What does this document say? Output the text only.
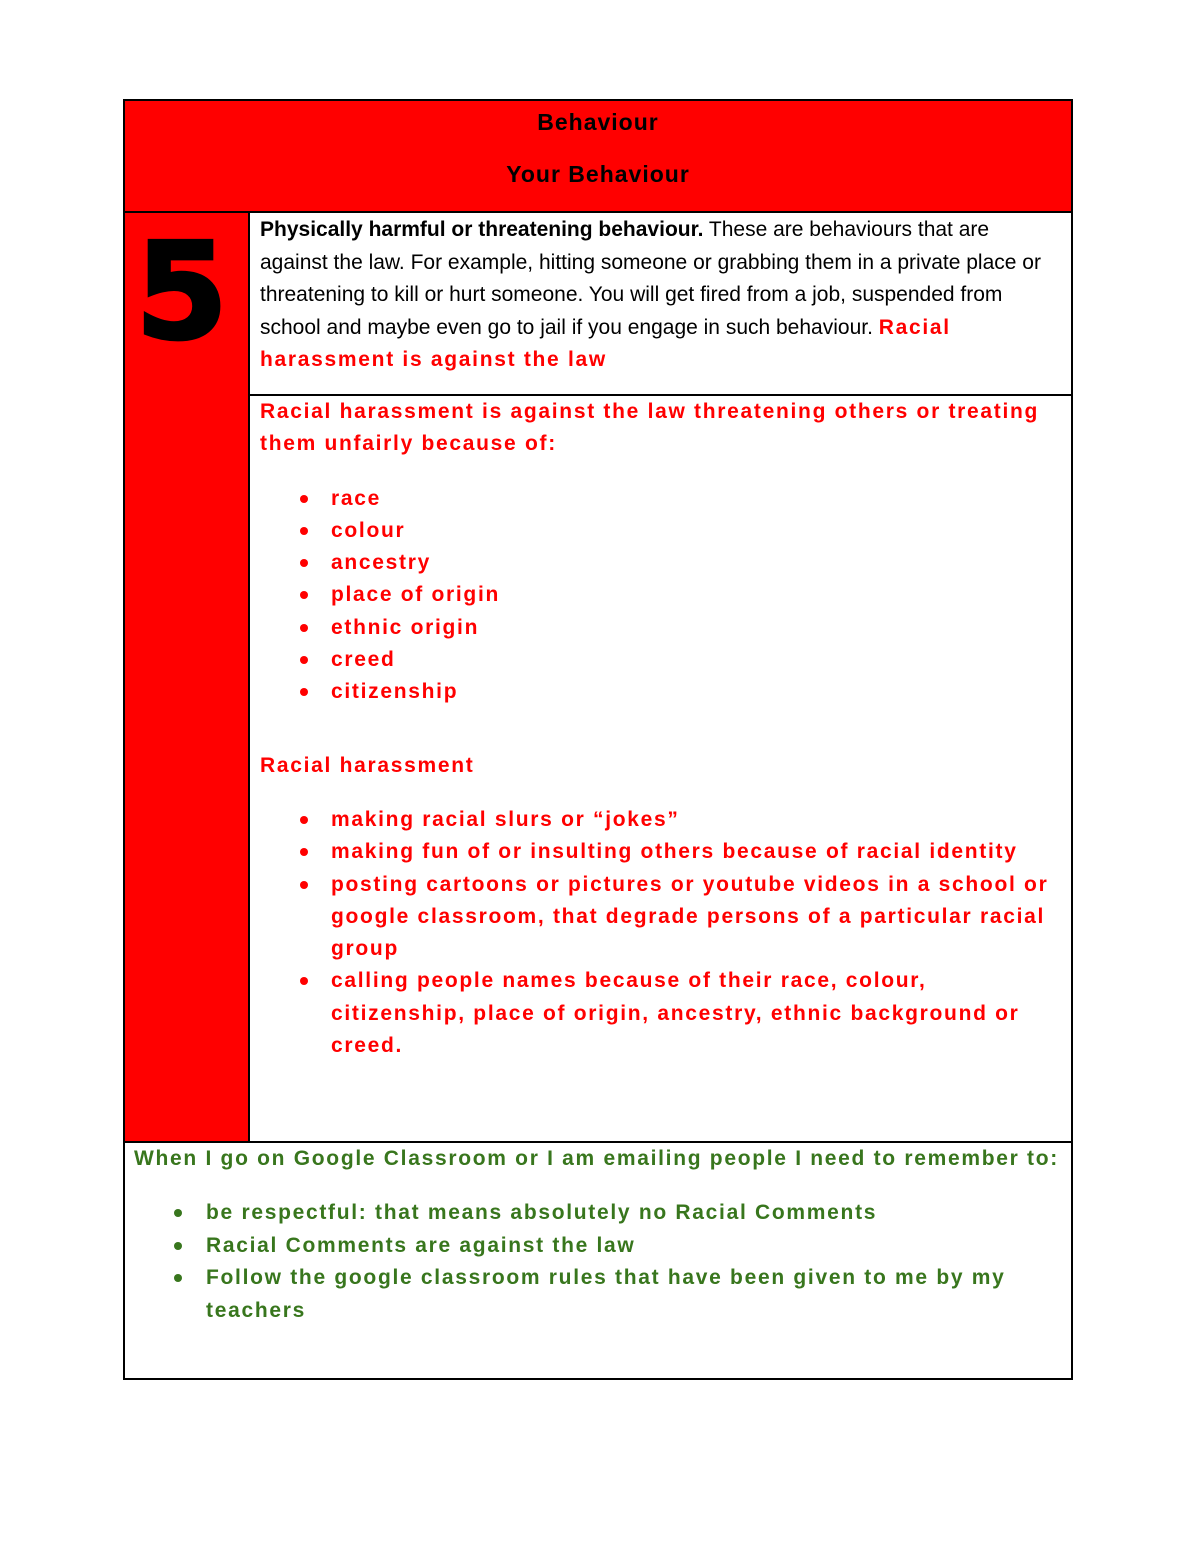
Behaviour
Your Behaviour
5	Physically harmful or threatening behaviour. These are behaviours that are against the law. For example, hitting someone or grabbing them in a private place or threatening to kill or hurt someone. You will get fired from a job, suspended from school and maybe even go to jail if you engage in such behaviour. Racial harassment is against the law

Racial harassment is against the law threatening others or treating them unfairly because of:

race
colour
ancestry
place of origin
ethnic origin
creed
citizenship

Racial harassment

making racial slurs or “jokes”
making fun of or insulting others because of racial identity
posting cartoons or pictures or youtube videos in a school or google classroom, that degrade persons of a particular racial group
calling people names because of their race, colour, citizenship, place of origin, ancestry, ethnic background or creed.

When I go on Google Classroom or I am emailing people I need to remember to:

be respectful: that means absolutely no Racial Comments
Racial Comments are against the law
Follow the google classroom rules that have been given to me by my teachers
